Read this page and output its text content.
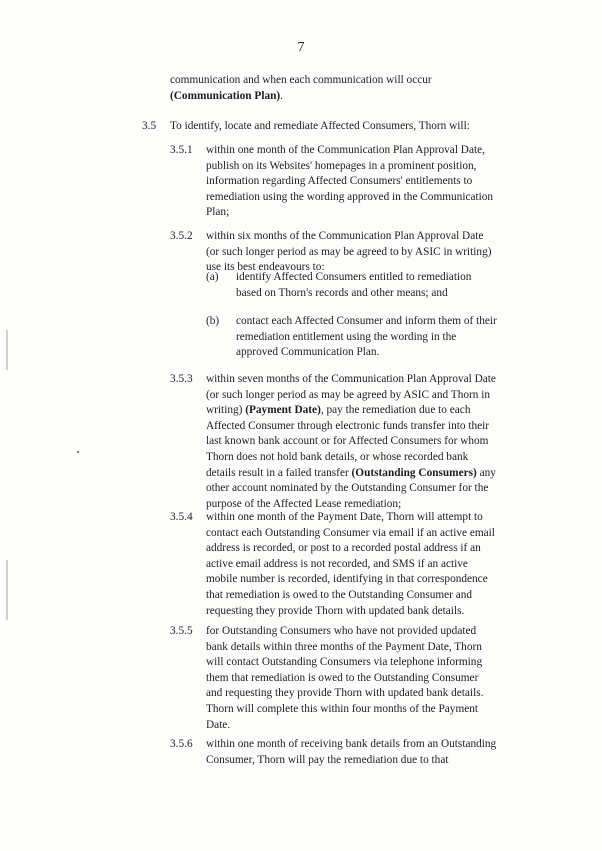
7
communication and when each communication will occur
(Communication Plan).
3.5 To identify, locate and remediate Affected Consumers, Thorn will:
3.5.1 within one month of the Communication Plan Approval Date,
publish on its Websites' homepages in a prominent position,
information regarding Affected Consumers' entitlements to
remediation using the wording approved in the Communication
Plan;
3.5.2 within six months of the Communication Plan Approval Date
(or such longer period as may be agreed to by ASIC in writing)
use its best endeavours to:
(a) identify Affected Consumers entitled to remediation
based on Thorn's records and other means; and
(b) contact each Affected Consumer and inform them of their
remediation entitlement using the wording in the
approved Communication Plan.
3.5.3 within seven months of the Communication Plan Approval Date
(or such longer period as may be agreed by ASIC and Thorn in
writing) (Payment Date), pay the remediation due to each
Affected Consumer through electronic funds transfer into their
last known bank account or for Affected Consumers for whom
Thorn does not hold bank details, or whose recorded bank
details result in a failed transfer (Outstanding Consumers) any
other account nominated by the Outstanding Consumer for the
purpose of the Affected Lease remediation;
3.5.4 within one month of the Payment Date, Thorn will attempt to
contact each Outstanding Consumer via email if an active email
address is recorded, or post to a recorded postal address if an
active email address is not recorded, and SMS if an active
mobile number is recorded, identifying in that correspondence
that remediation is owed to the Outstanding Consumer and
requesting they provide Thorn with updated bank details.
3.5.5 for Outstanding Consumers who have not provided updated
bank details within three months of the Payment Date, Thorn
will contact Outstanding Consumers via telephone informing
them that remediation is owed to the Outstanding Consumer
and requesting they provide Thorn with updated bank details.
Thorn will complete this within four months of the Payment
Date.
3.5.6 within one month of receiving bank details from an Outstanding
Consumer, Thorn will pay the remediation due to that
